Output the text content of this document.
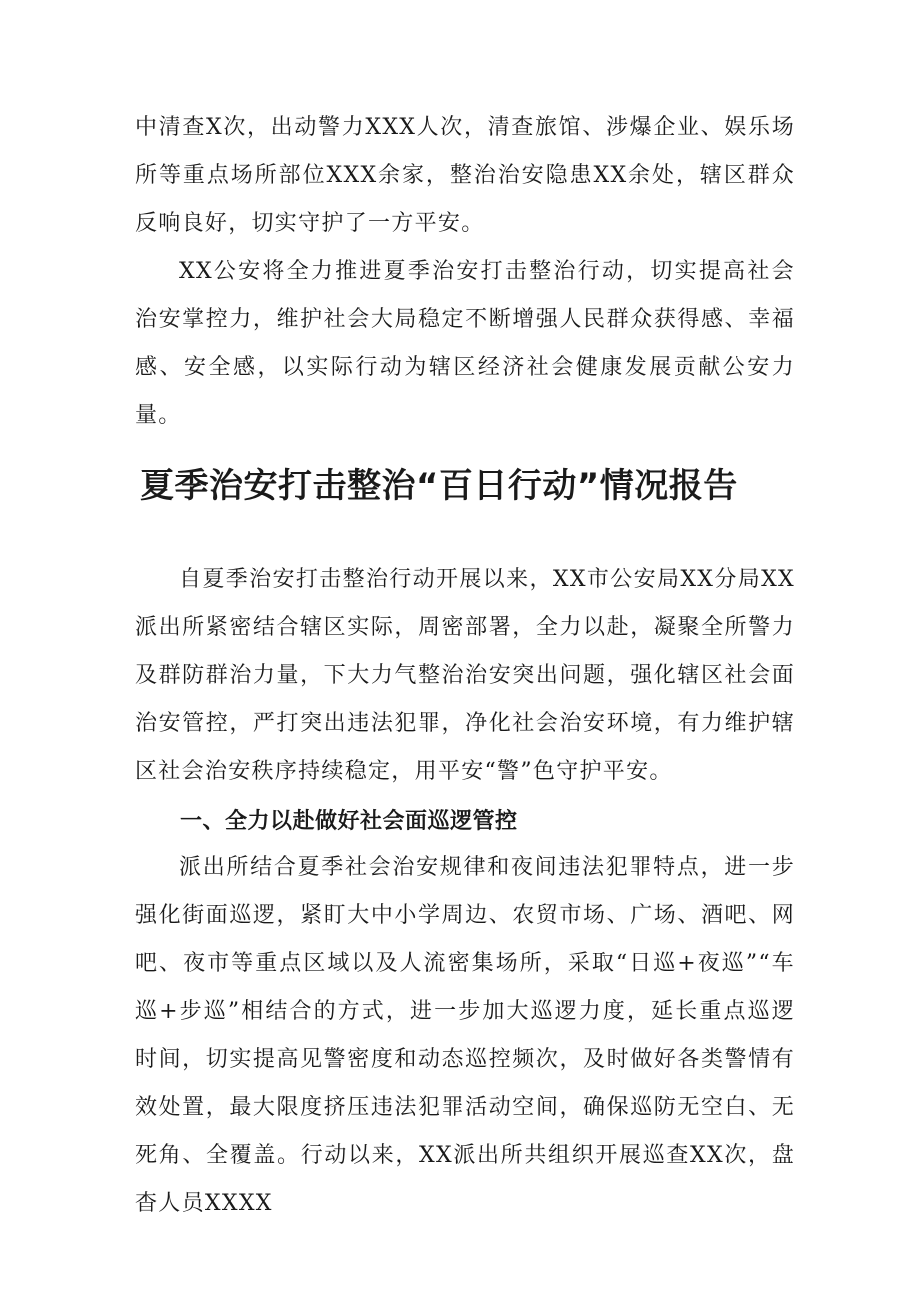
中清查X次，出动警力XXX人次，清查旅馆、涉爆企业、娱乐场所等重点场所部位XXX余家，整治治安隐患XX余处，辖区群众反响良好，切实守护了一方平安。

XX公安将全力推进夏季治安打击整治行动，切实提高社会治安掌控力，维护社会大局稳定不断增强人民群众获得感、幸福感、安全感，以实际行动为辖区经济社会健康发展贡献公安力量。

夏季治安打击整治“百日行动”情况报告

自夏季治安打击整治行动开展以来，XX市公安局XX分局XX派出所紧密结合辖区实际，周密部署，全力以赴，凝聚全所警力及群防群治力量，下大力气整治治安突出问题，强化辖区社会面治安管控，严打突出违法犯罪，净化社会治安环境，有力维护辖区社会治安秩序持续稳定，用平安“警”色守护平安。

一、全力以赴做好社会面巡逻管控

派出所结合夏季社会治安规律和夜间违法犯罪特点，进一步强化街面巡逻，紧盯大中小学周边、农贸市场、广场、酒吧、网吧、夜市等重点区域以及人流密集场所，采取“日巡+夜巡”“车巡+步巡”相结合的方式，进一步加大巡逻力度，延长重点巡逻时间，切实提高见警密度和动态巡控频次，及时做好各类警情有效处置，最大限度挤压违法犯罪活动空间，确保巡防无空白、无死角、全覆盖。行动以来，XX派出所共组织开展巡查XX次，盘杳人员XXXX
